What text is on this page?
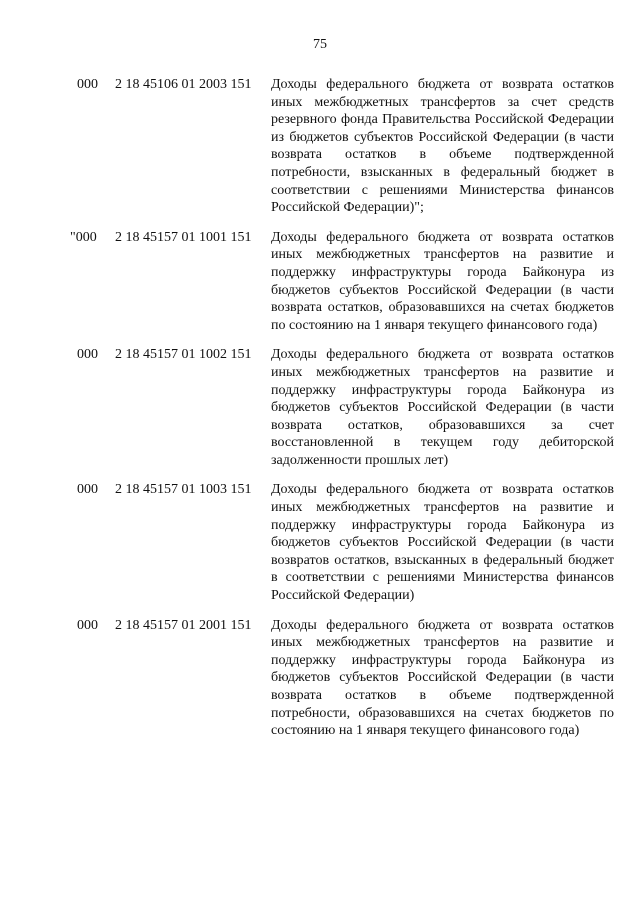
75
000 2 18 45106 01 2003 151 Доходы федерального бюджета от возврата остатков иных межбюджетных трансфертов за счет средств резервного фонда Правительства Российской Федерации из бюджетов субъектов Российской Федерации (в части возврата остатков в объеме подтвержденной потребности, взысканных в федеральный бюджет в соответствии с решениями Министерства финансов Российской Федерации)";
"000 2 18 45157 01 1001 151 Доходы федерального бюджета от возврата остатков иных межбюджетных трансфертов на развитие и поддержку инфраструктуры города Байконура из бюджетов субъектов Российской Федерации (в части возврата остатков, образовавшихся на счетах бюджетов по состоянию на 1 января текущего финансового года)
000 2 18 45157 01 1002 151 Доходы федерального бюджета от возврата остатков иных межбюджетных трансфертов на развитие и поддержку инфраструктуры города Байконура из бюджетов субъектов Российской Федерации (в части возврата остатков, образовавшихся за счет восстановленной в текущем году дебиторской задолженности прошлых лет)
000 2 18 45157 01 1003 151 Доходы федерального бюджета от возврата остатков иных межбюджетных трансфертов на развитие и поддержку инфраструктуры города Байконура из бюджетов субъектов Российской Федерации (в части возвратов остатков, взысканных в федеральный бюджет в соответствии с решениями Министерства финансов Российской Федерации)
000 2 18 45157 01 2001 151 Доходы федерального бюджета от возврата остатков иных межбюджетных трансфертов на развитие и поддержку инфраструктуры города Байконура из бюджетов субъектов Российской Федерации (в части возврата остатков в объеме подтвержденной потребности, образовавшихся на счетах бюджетов по состоянию на 1 января текущего финансового года)
